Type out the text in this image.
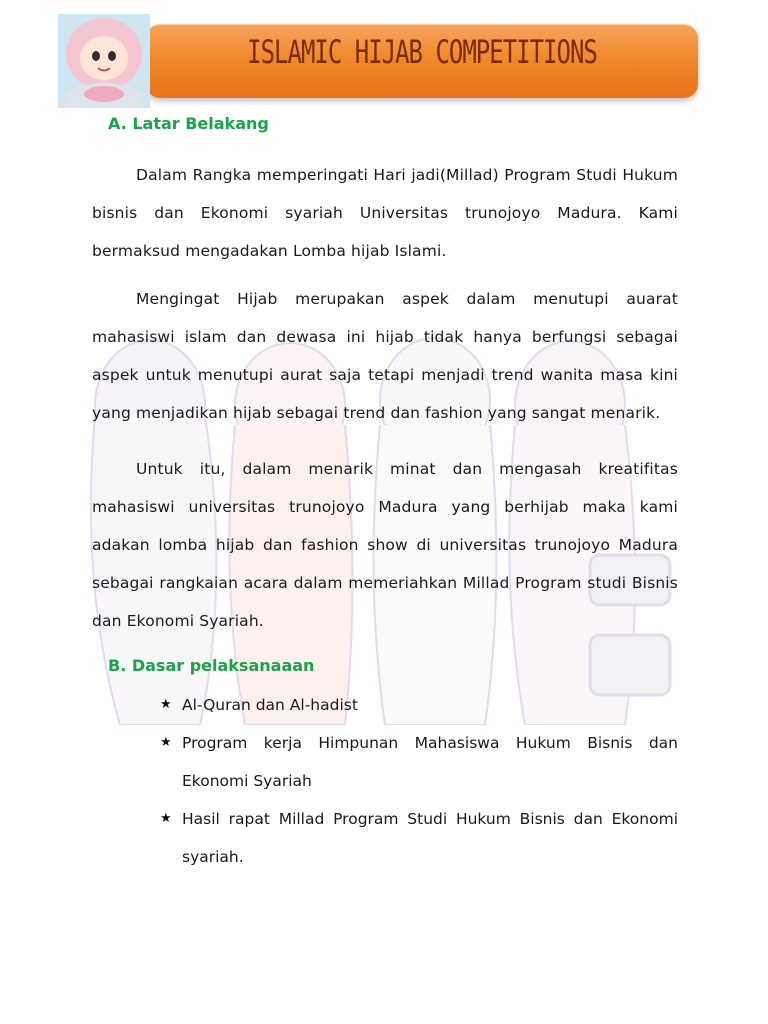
ISLAMIC HIJAB COMPETITIONS
A. Latar Belakang

Dalam Rangka memperingati Hari jadi(Millad) Program Studi Hukum bisnis dan Ekonomi syariah Universitas trunojoyo Madura. Kami bermaksud mengadakan Lomba hijab Islami.

Mengingat Hijab merupakan aspek dalam menutupi auarat mahasiswi islam dan dewasa ini hijab tidak hanya berfungsi sebagai aspek untuk menutupi aurat saja tetapi menjadi trend wanita masa kini yang menjadikan hijab sebagai trend dan fashion yang sangat menarik.

Untuk itu, dalam menarik minat dan mengasah kreatifitas mahasiswi universitas trunojoyo Madura yang berhijab maka kami adakan lomba hijab dan fashion show di universitas trunojoyo Madura sebagai rangkaian acara dalam memeriahkan Millad Program studi Bisnis dan Ekonomi Syariah.

B. Dasar pelaksanaaan
★ Al-Quran dan Al-hadist
★ Program kerja Himpunan Mahasiswa Hukum Bisnis dan Ekonomi Syariah
★ Hasil rapat Millad Program Studi Hukum Bisnis dan Ekonomi syariah.
